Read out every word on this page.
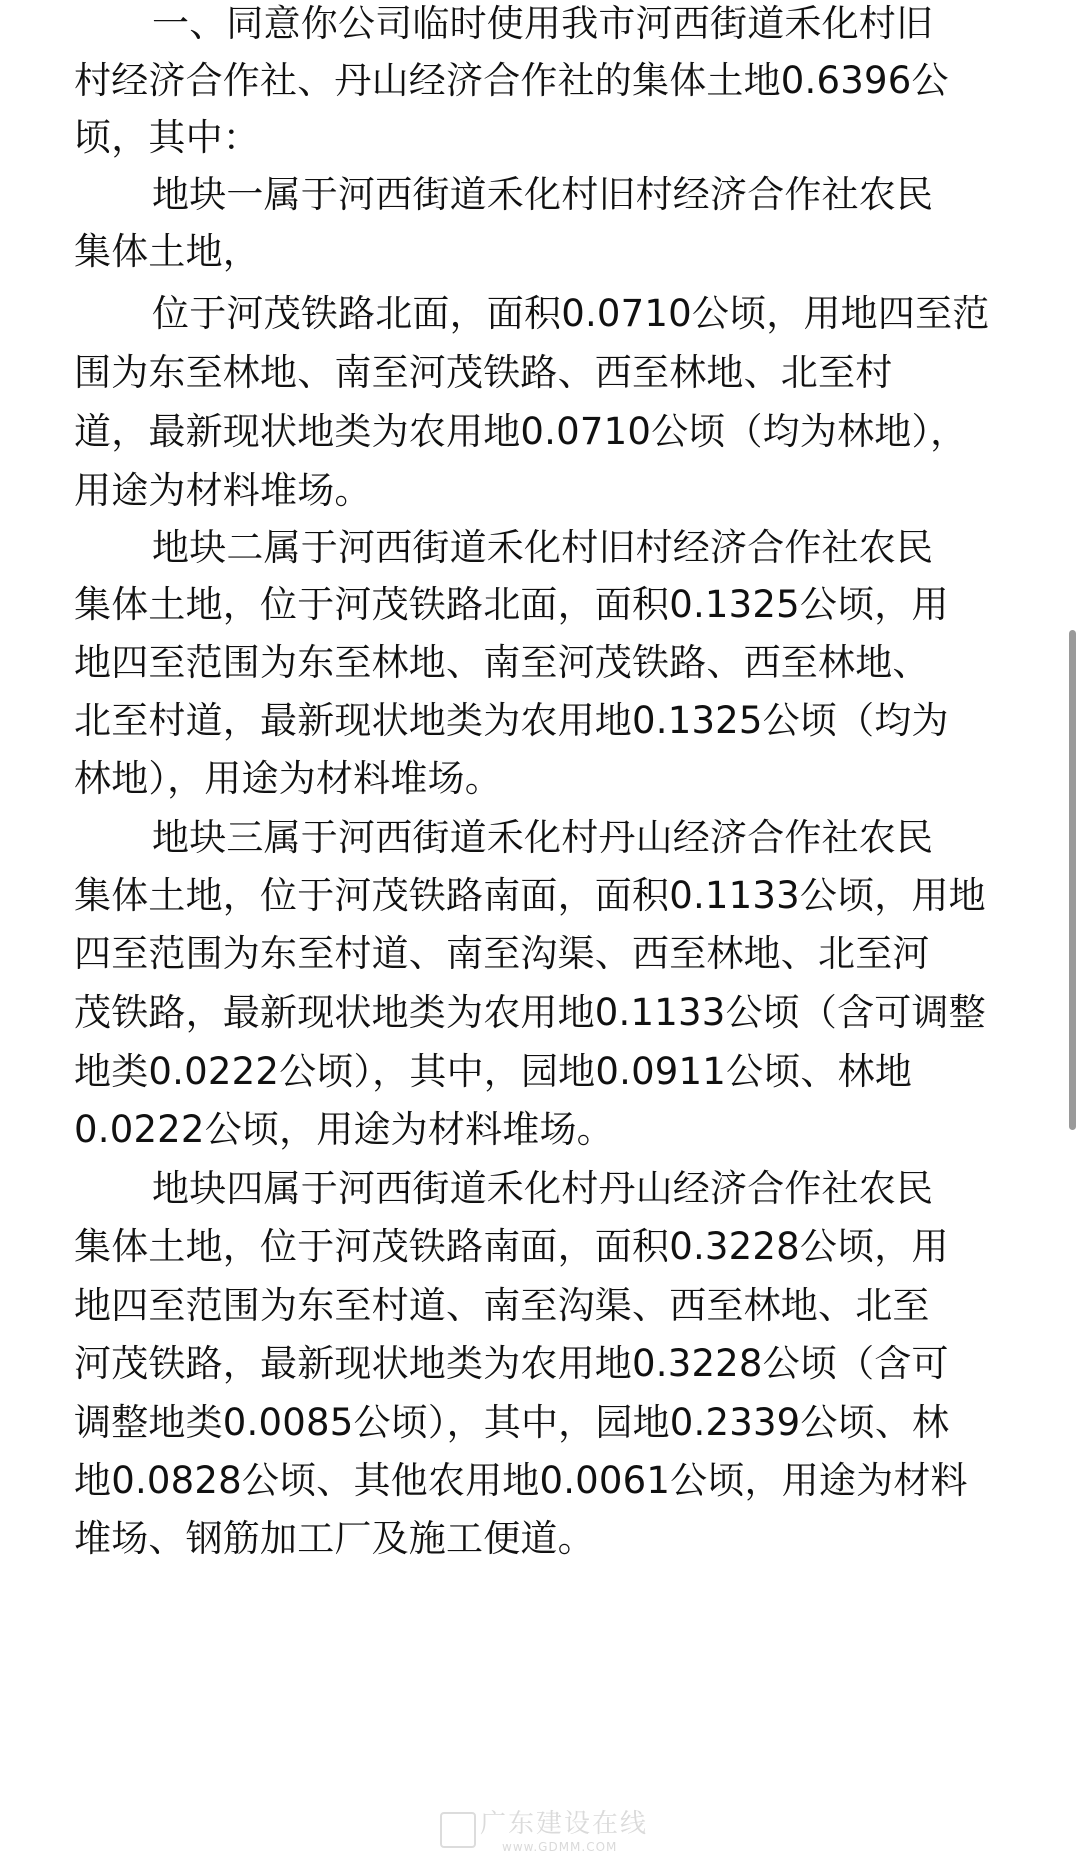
一、同意你公司临时使用我市河西街道禾化村旧
村经济合作社、丹山经济合作社的集体土地0.6396公
顷，其中：
地块一属于河西街道禾化村旧村经济合作社农民
集体土地，
位于河茂铁路北面，面积0.0710公顷，用地四至范
围为东至林地、南至河茂铁路、西至林地、北至村
道，最新现状地类为农用地0.0710公顷（均为林地），
用途为材料堆场。
地块二属于河西街道禾化村旧村经济合作社农民
集体土地，位于河茂铁路北面，面积0.1325公顷，用
地四至范围为东至林地、南至河茂铁路、西至林地、
北至村道，最新现状地类为农用地0.1325公顷（均为
林地），用途为材料堆场。
地块三属于河西街道禾化村丹山经济合作社农民
集体土地，位于河茂铁路南面，面积0.1133公顷，用地
四至范围为东至村道、南至沟渠、西至林地、北至河
茂铁路，最新现状地类为农用地0.1133公顷（含可调整
地类0.0222公顷），其中，园地0.0911公顷、林地
0.0222公顷，用途为材料堆场。
地块四属于河西街道禾化村丹山经济合作社农民
集体土地，位于河茂铁路南面，面积0.3228公顷，用
地四至范围为东至村道、南至沟渠、西至林地、北至
河茂铁路，最新现状地类为农用地0.3228公顷（含可
调整地类0.0085公顷），其中，园地0.2339公顷、林
地0.0828公顷、其他农用地0.0061公顷，用途为材料
堆场、钢筋加工厂及施工便道。
广东建设在线
www.GDMM.COM
